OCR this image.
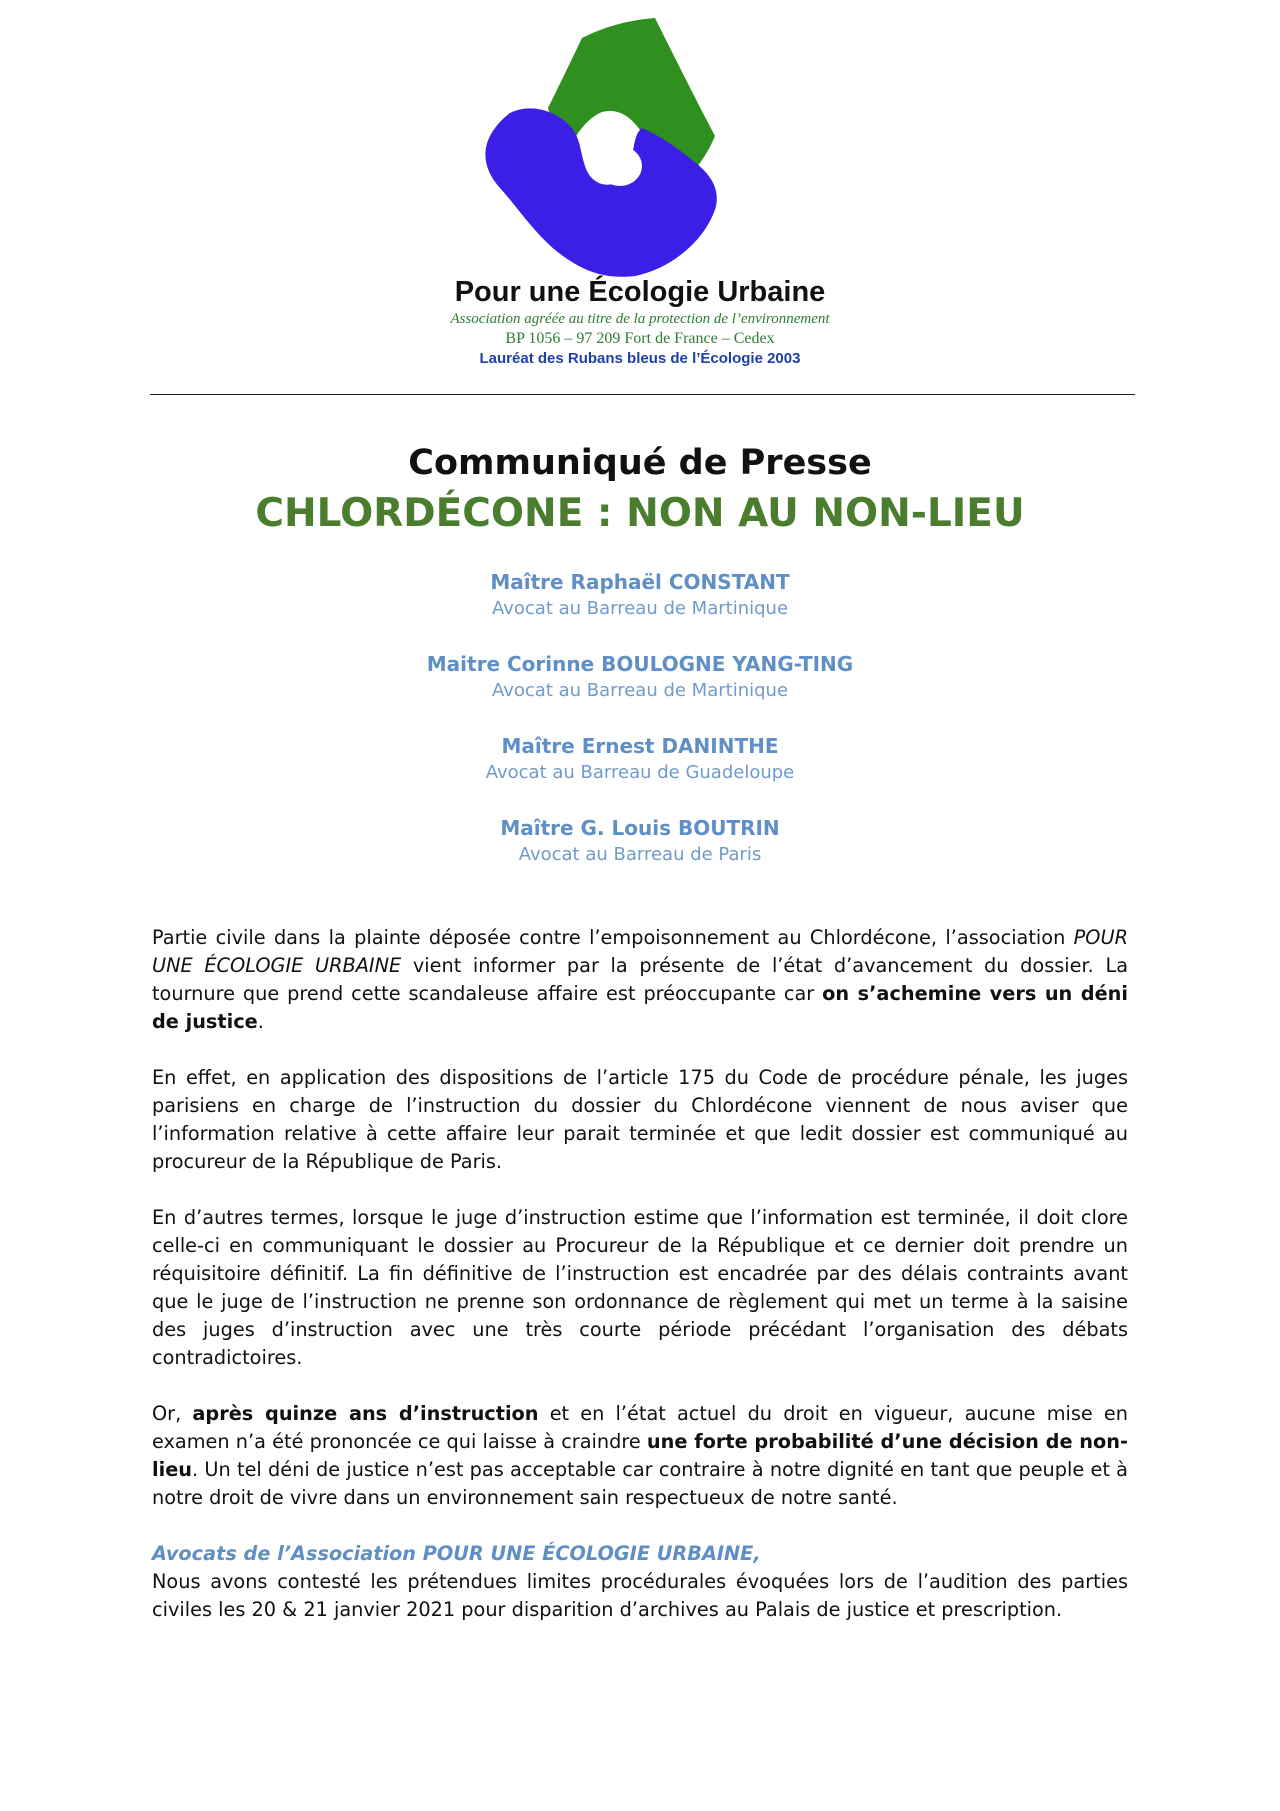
Pour une Écologie Urbaine
Association agréée au titre de la protection de l’environnement
BP 1056 – 97 209 Fort de France – Cedex
Lauréat des Rubans bleus de l’Écologie 2003
Communiqué de Presse
CHLORDÉCONE : NON AU NON-LIEU
Maître Raphaël CONSTANT
Avocat au Barreau de Martinique
Maitre Corinne BOULOGNE YANG-TING
Avocat au Barreau de Martinique
Maître Ernest DANINTHE
Avocat au Barreau de Guadeloupe
Maître G. Louis BOUTRIN
Avocat au Barreau de Paris

Partie civile dans la plainte déposée contre l’empoisonnement au Chlordécone, l’association POUR UNE ÉCOLOGIE URBAINE vient informer par la présente de l’état d’avancement du dossier. La tournure que prend cette scandaleuse affaire est préoccupante car on s’achemine vers un déni de justice.

En effet, en application des dispositions de l’article 175 du Code de procédure pénale, les juges parisiens en charge de l’instruction du dossier du Chlordécone viennent de nous aviser que l’information relative à cette affaire leur parait terminée et que ledit dossier est communiqué au procureur de la République de Paris.

En d’autres termes, lorsque le juge d’instruction estime que l’information est terminée, il doit clore celle-ci en communiquant le dossier au Procureur de la République et ce dernier doit prendre un réquisitoire définitif. La fin définitive de l’instruction est encadrée par des délais contraints avant que le juge de l’instruction ne prenne son ordonnance de règlement qui met un terme à la saisine des juges d’instruction avec une très courte période précédant l’organisation des débats contradictoires.

Or, après quinze ans d’instruction et en l’état actuel du droit en vigueur, aucune mise en examen n’a été prononcée ce qui laisse à craindre une forte probabilité d’une décision de non-lieu. Un tel déni de justice n’est pas acceptable car contraire à notre dignité en tant que peuple et à notre droit de vivre dans un environnement sain respectueux de notre santé.

Avocats de l’Association POUR UNE ÉCOLOGIE URBAINE,
Nous avons contesté les prétendues limites procédurales évoquées lors de l’audition des parties civiles les 20 & 21 janvier 2021 pour disparition d’archives au Palais de justice et prescription.
